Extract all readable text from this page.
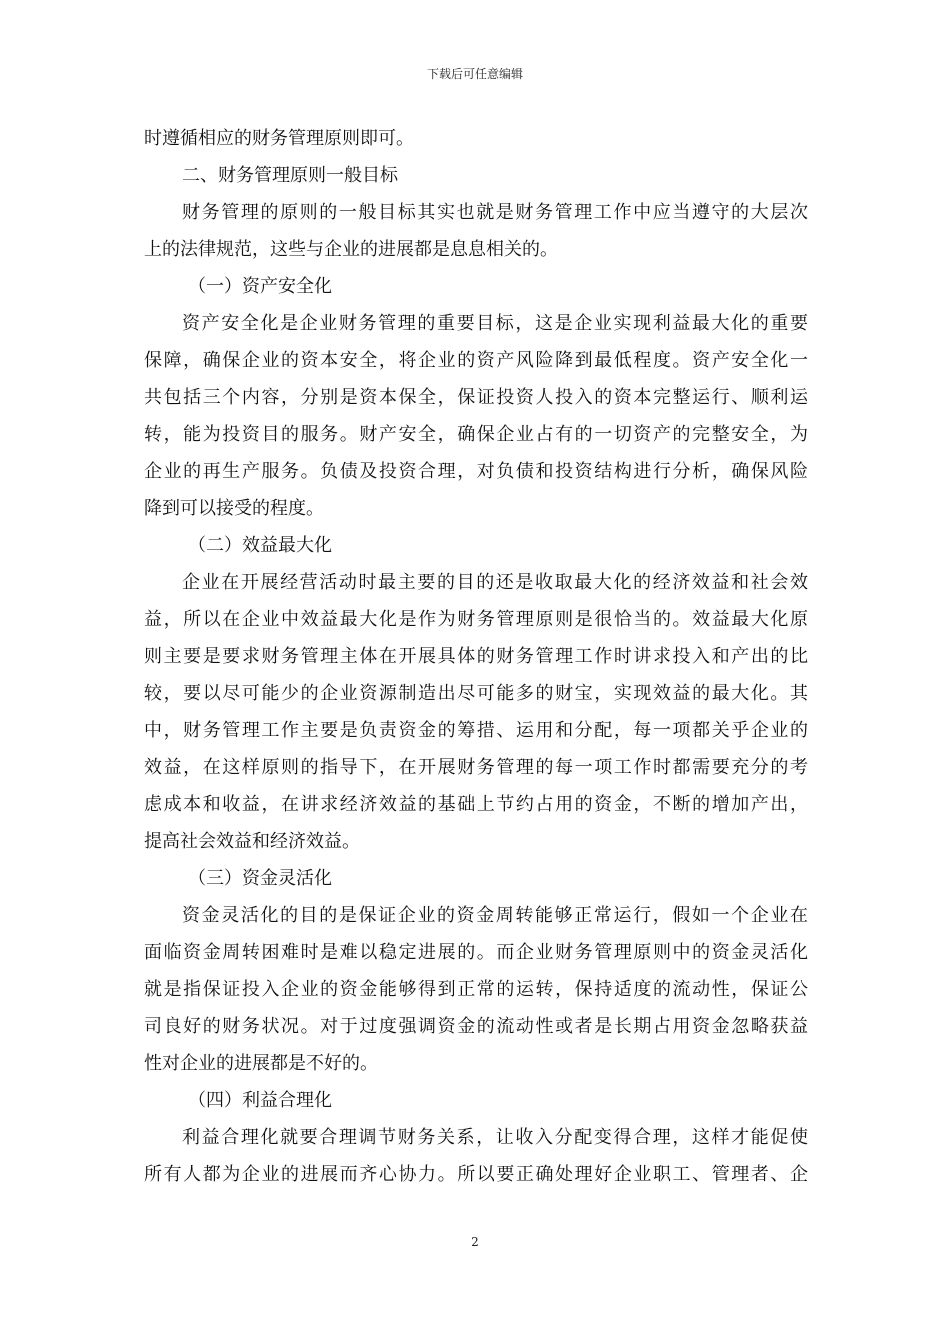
下载后可任意编辑
时遵循相应的财务管理原则即可。
二、财务管理原则一般目标
财务管理的原则的一般目标其实也就是财务管理工作中应当遵守的大层次
上的法律规范，这些与企业的进展都是息息相关的。
（一）资产安全化
资产安全化是企业财务管理的重要目标，这是企业实现利益最大化的重要
保障，确保企业的资本安全，将企业的资产风险降到最低程度。资产安全化一
共包括三个内容，分别是资本保全，保证投资人投入的资本完整运行、顺利运
转，能为投资目的服务。财产安全，确保企业占有的一切资产的完整安全，为
企业的再生产服务。负债及投资合理，对负债和投资结构进行分析，确保风险
降到可以接受的程度。
（二）效益最大化
企业在开展经营活动时最主要的目的还是收取最大化的经济效益和社会效
益，所以在企业中效益最大化是作为财务管理原则是很恰当的。效益最大化原
则主要是要求财务管理主体在开展具体的财务管理工作时讲求投入和产出的比
较，要以尽可能少的企业资源制造出尽可能多的财宝，实现效益的最大化。其
中，财务管理工作主要是负责资金的筹措、运用和分配，每一项都关乎企业的
效益，在这样原则的指导下，在开展财务管理的每一项工作时都需要充分的考
虑成本和收益，在讲求经济效益的基础上节约占用的资金，不断的增加产出，
提高社会效益和经济效益。
（三）资金灵活化
资金灵活化的目的是保证企业的资金周转能够正常运行，假如一个企业在
面临资金周转困难时是难以稳定进展的。而企业财务管理原则中的资金灵活化
就是指保证投入企业的资金能够得到正常的运转，保持适度的流动性，保证公
司良好的财务状况。对于过度强调资金的流动性或者是长期占用资金忽略获益
性对企业的进展都是不好的。
（四）利益合理化
利益合理化就要合理调节财务关系，让收入分配变得合理，这样才能促使
所有人都为企业的进展而齐心协力。所以要正确处理好企业职工、管理者、企
2
